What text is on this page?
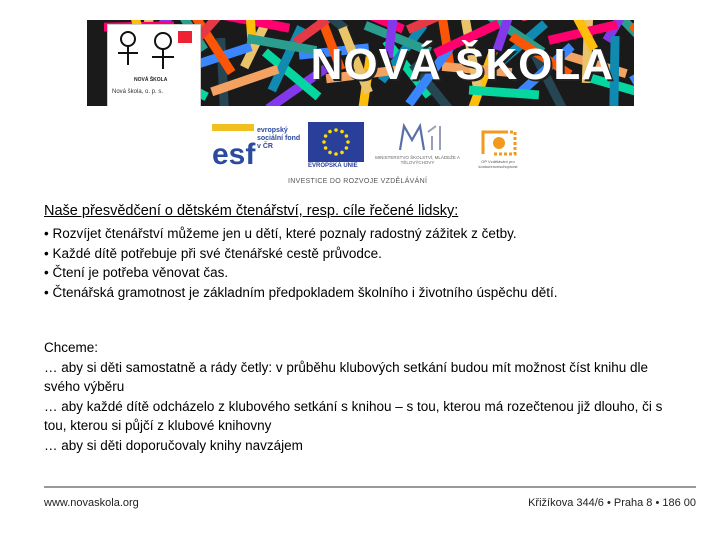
NOVÁ ŠKOLA
Nová škola, o. p. s.
NOVÁ ŠKOLA
esf
evropský sociální fond v ČR
EVROPSKÁ UNIE
MINISTERSTVO ŠKOLSTVÍ, MLÁDEŽE A TĚLOVÝCHOVY	OP Vzdělávání pro konkurenceschopnost
INVESTICE DO ROZVOJE VZDĚLÁVÁNÍ
Naše přesvědčení o dětském čtenářství, resp. cíle řečené lidsky:
• Rozvíjet čtenářství můžeme jen u dětí, které poznaly radostný zážitek z četby.
• Každé dítě potřebuje při své čtenářské cestě průvodce.
• Čtení je potřeba věnovat čas.
• Čtenářská gramotnost je základním předpokladem školního i životního úspěchu dětí.
Chceme:
… aby si děti samostatně a rády četly: v průběhu klubových setkání budou mít možnost číst knihu dle svého výběru
… aby každé dítě odcházelo z klubového setkání s knihou – s tou, kterou má rozečtenou již dlouho, či s tou, kterou si půjčí z klubové knihovny
… aby si děti doporučovaly knihy navzájem
www.novaskola.org	Křižíkova 344/6 • Praha 8 • 186 00
